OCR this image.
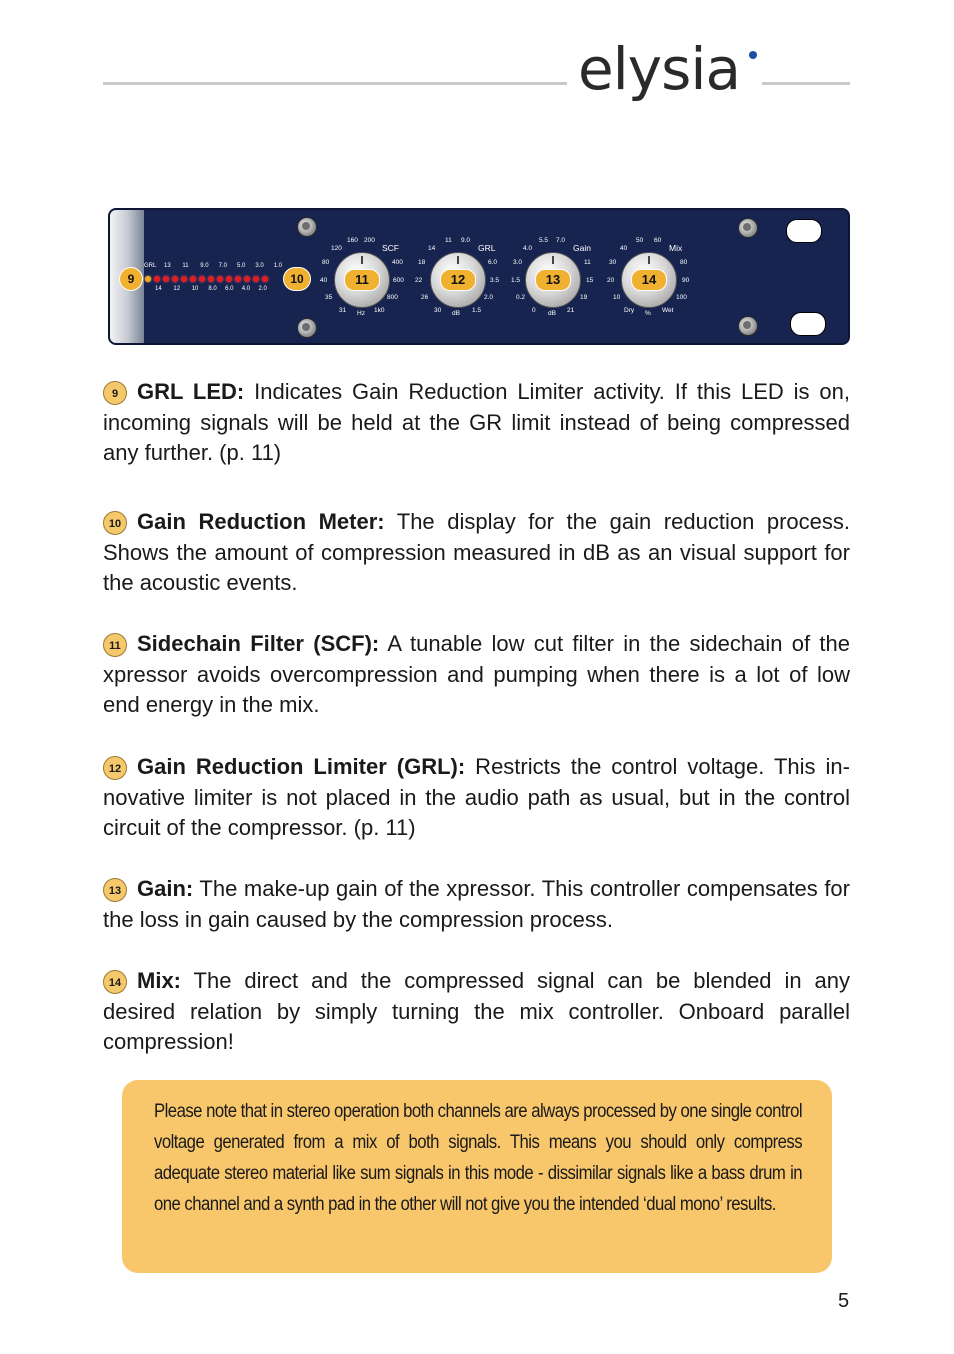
elysia
GRL 13 11 9.0 7.0 5.0 3.0 1.0
14 12 10 8.0 6.0 4.0 2.0
9	10	11
SCF
120
160 200
400
600
800
1k0
31
35
40
80
Hz
12
GRL
14
11 9.0
6.0
3.5
2.0
1.5
30
26
22
18
dB
13
Gain
4.0
5.5 7.0
11
15
19
21
0
0.2
1.5
3.0
dB
14
Mix
40
50 60
80
90
100
Wet
Dry
10
20
30
%
9 GRL LED: Indicates Gain Reduction Limiter activity. If this LED is on, incoming signals will be held at the GR limit instead of being compressed any further. (p. 11)
10 Gain Reduction Meter: The display for the gain reduction process. Shows the amount of compression measured in dB as an visual support for the acoustic events.
11 Sidechain Filter (SCF): A tunable low cut filter in the sidechain of the xpressor avoids overcompression and pumping when there is a lot of low end energy in the mix.
12 Gain Reduction Limiter (GRL): Restricts the control voltage. This innovative limiter is not placed in the audio path as usual, but in the control circuit of the compressor. (p. 11)
13 Gain: The make-up gain of the xpressor. This controller compensates for the loss in gain caused by the compression process.
14 Mix: The direct and the compressed signal can be blended in any desired relation by simply turning the mix controller. Onboard parallel compression!

Please note that in stereo operation both channels are always processed by one single control voltage generated from a mix of both signals. This means you should only compress adequate stereo material like sum signals in this mode - dissimilar signals like a bass drum in one channel and a synth pad in the other will not give you the intended ‘dual mono’ results.

5
